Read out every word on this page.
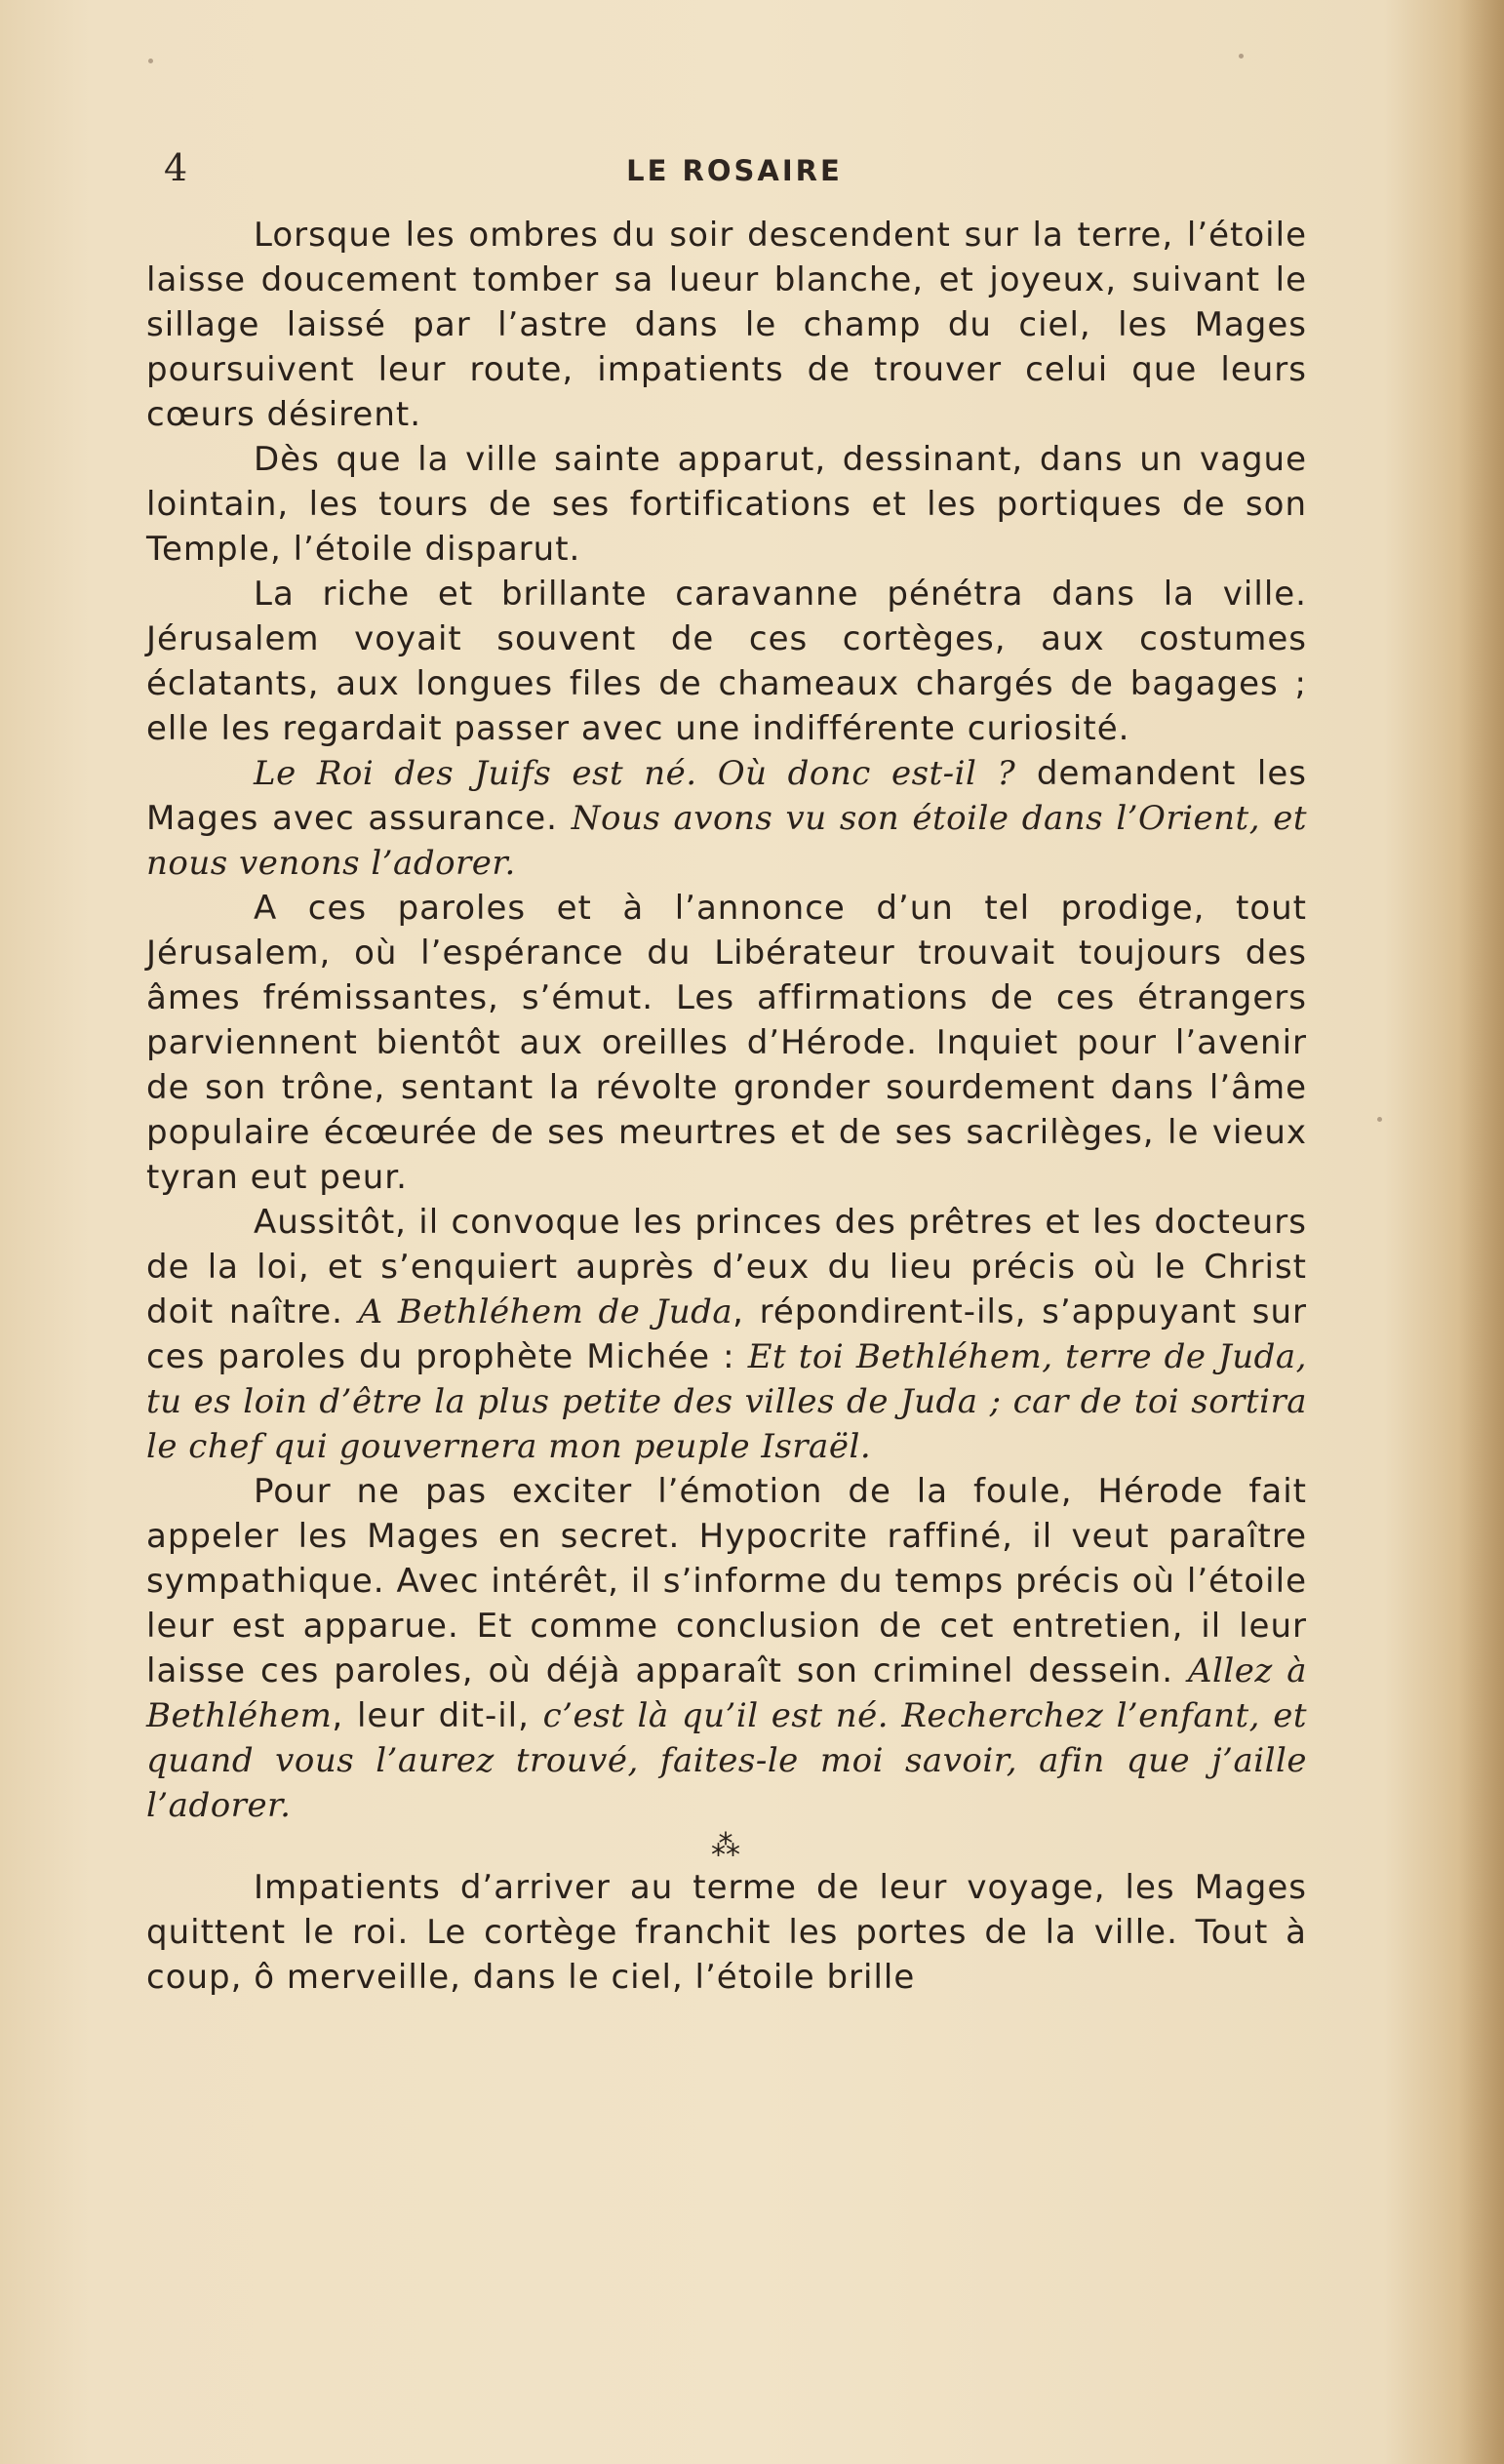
4	LE ROSAIRE

Lorsque les ombres du soir descendent sur la terre, l’étoile laisse doucement tomber sa lueur blanche, et joyeux, suivant le sillage laissé par l’astre dans le champ du ciel, les Mages poursuivent leur route, impatients de trouver celui que leurs cœurs désirent.

Dès que la ville sainte apparut, dessinant, dans un vague lointain, les tours de ses fortifications et les portiques de son Temple, l’étoile disparut.

La riche et brillante caravanne pénétra dans la ville. Jérusalem voyait souvent de ces cortèges, aux costumes éclatants, aux longues files de chameaux chargés de bagages ; elle les regardait passer avec une indifférente curiosité.

Le Roi des Juifs est né. Où donc est-il ? demandent les Mages avec assurance. Nous avons vu son étoile dans l’Orient, et nous venons l’adorer.

A ces paroles et à l’annonce d’un tel prodige, tout Jérusalem, où l’espérance du Libérateur trouvait toujours des âmes frémissantes, s’émut. Les affirmations de ces étrangers parviennent bientôt aux oreilles d’Hérode. Inquiet pour l’avenir de son trône, sentant la révolte gronder sourdement dans l’âme populaire écœurée de ses meurtres et de ses sacrilèges, le vieux tyran eut peur.

Aussitôt, il convoque les princes des prêtres et les docteurs de la loi, et s’enquiert auprès d’eux du lieu précis où le Christ doit naître. A Bethléhem de Juda, répondirent-ils, s’appuyant sur ces paroles du prophète Michée : Et toi Bethléhem, terre de Juda, tu es loin d’être la plus petite des villes de Juda ; car de toi sortira le chef qui gouvernera mon peuple Israël.

Pour ne pas exciter l’émotion de la foule, Hérode fait appeler les Mages en secret. Hypocrite raffiné, il veut paraître sympathique. Avec intérêt, il s’informe du temps précis où l’étoile leur est apparue. Et comme conclusion de cet entretien, il leur laisse ces paroles, où déjà apparaît son criminel dessein. Allez à Bethléhem, leur dit-il, c’est là qu’il est né. Recherchez l’enfant, et quand vous l’aurez trouvé, faites-le moi savoir, afin que j’aille l’adorer.

⁂

Impatients d’arriver au terme de leur voyage, les Mages quittent le roi. Le cortège franchit les portes de la ville. Tout à coup, ô merveille, dans le ciel, l’étoile brille
